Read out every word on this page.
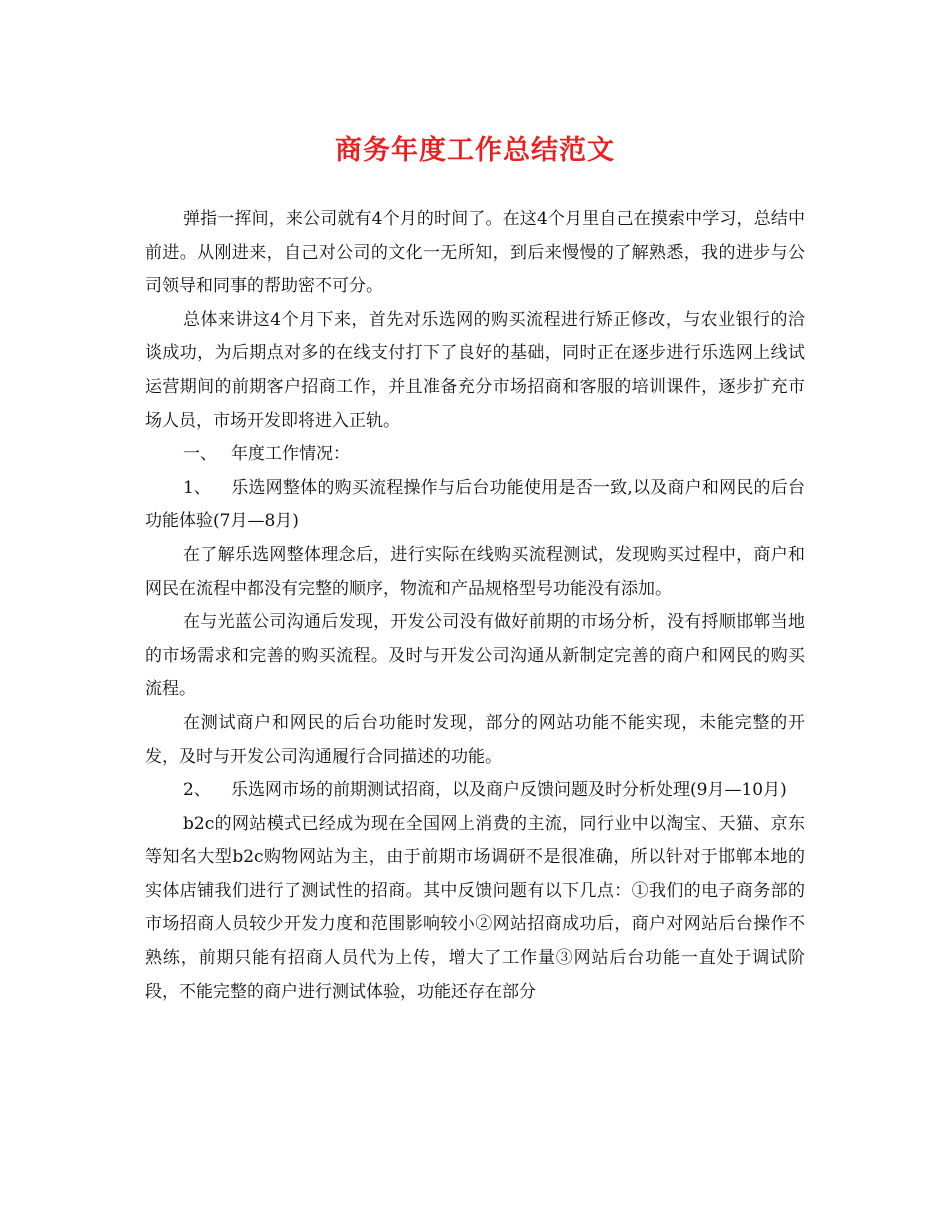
商务年度工作总结范文

弹指一挥间，来公司就有4个月的时间了。在这4个月里自己在摸索中学习，总结中前进。从刚进来，自己对公司的文化一无所知，到后来慢慢的了解熟悉，我的进步与公司领导和同事的帮助密不可分。

总体来讲这4个月下来，首先对乐选网的购买流程进行矫正修改，与农业银行的洽谈成功，为后期点对多的在线支付打下了良好的基础，同时正在逐步进行乐选网上线试运营期间的前期客户招商工作，并且准备充分市场招商和客服的培训课件，逐步扩充市场人员，市场开发即将进入正轨。

一、 年度工作情况：

1、 乐选网整体的购买流程操作与后台功能使用是否一致,以及商户和网民的后台功能体验(7月—8月)

在了解乐选网整体理念后，进行实际在线购买流程测试，发现购买过程中，商户和网民在流程中都没有完整的顺序，物流和产品规格型号功能没有添加。

在与光蓝公司沟通后发现，开发公司没有做好前期的市场分析，没有捋顺邯郸当地的市场需求和完善的购买流程。及时与开发公司沟通从新制定完善的商户和网民的购买流程。

在测试商户和网民的后台功能时发现，部分的网站功能不能实现，未能完整的开发，及时与开发公司沟通履行合同描述的功能。

2、 乐选网市场的前期测试招商，以及商户反馈问题及时分析处理(9月—10月)

b2c的网站模式已经成为现在全国网上消费的主流，同行业中以淘宝、天猫、京东等知名大型b2c购物网站为主，由于前期市场调研不是很准确，所以针对于邯郸本地的实体店铺我们进行了测试性的招商。其中反馈问题有以下几点：①我们的电子商务部的市场招商人员较少开发力度和范围影响较小②网站招商成功后，商户对网站后台操作不熟练，前期只能有招商人员代为上传，增大了工作量③网站后台功能一直处于调试阶段，不能完整的商户进行测试体验，功能还存在部分
